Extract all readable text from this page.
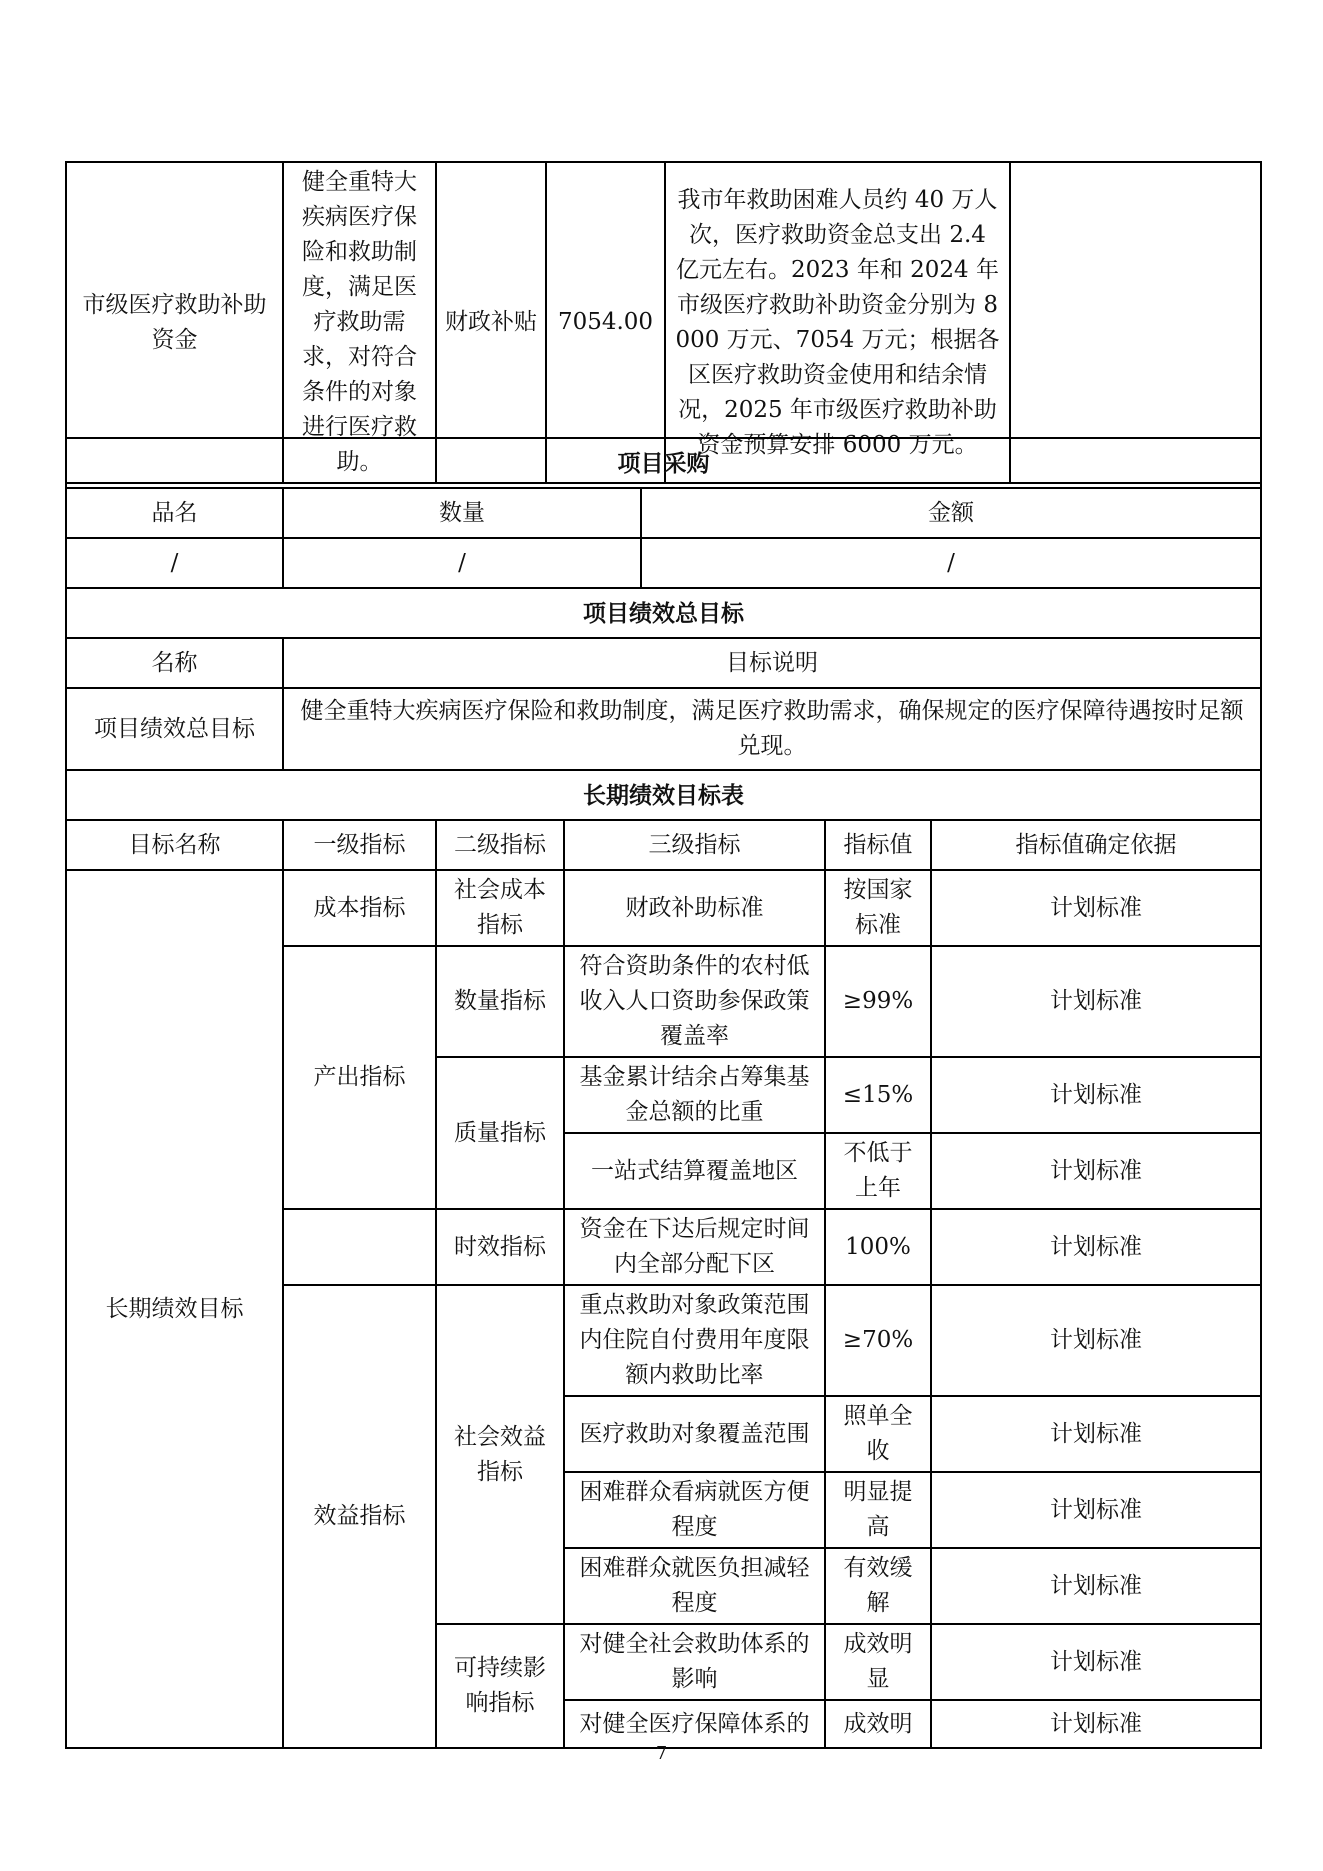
市级医疗救助补助资金	健全重特大疾病医疗保险和救助制度，满足医疗救助需求，对符合条件的对象进行医疗救助。	财政补贴	7054.00	我市年救助困难人员约 40 万人次，医疗救助资金总支出 2.4 亿元左右。2023 年和 2024 年市级医疗救助补助资金分别为 8000 万元、7054 万元；根据各区医疗救助资金使用和结余情况，2025 年市级医疗救助补助资金预算安排 6000 万元。	
项目采购		
品名	数量	金额
/	/	/
项目绩效总目标	
名称	目标说明
项目绩效总目标	健全重特大疾病医疗保险和救助制度，满足医疗救助需求，确保规定的医疗保障待遇按时足额兑现。
长期绩效目标表					
目标名称	一级指标	二级指标	三级指标	指标值	指标值确定依据
长期绩效目标	成本指标	社会成本指标	财政补助标准	按国家标准	计划标准
	产出指标	数量指标	符合资助条件的农村低收入人口资助参保政策覆盖率	≥99%	计划标准
		质量指标	基金累计结余占筹集基金总额的比重	≤15%	计划标准
			一站式结算覆盖地区	不低于上年	计划标准
		时效指标	资金在下达后规定时间内全部分配下区	100%	计划标准
	效益指标	社会效益指标	重点救助对象政策范围内住院自付费用年度限额内救助比率	≥70%	计划标准
			医疗救助对象覆盖范围	照单全收	计划标准
			困难群众看病就医方便程度	明显提高	计划标准
			困难群众就医负担减轻程度	有效缓解	计划标准
		可持续影响指标	对健全社会救助体系的影响	成效明显	计划标准
			对健全医疗保障体系的	成效明	计划标准
7
